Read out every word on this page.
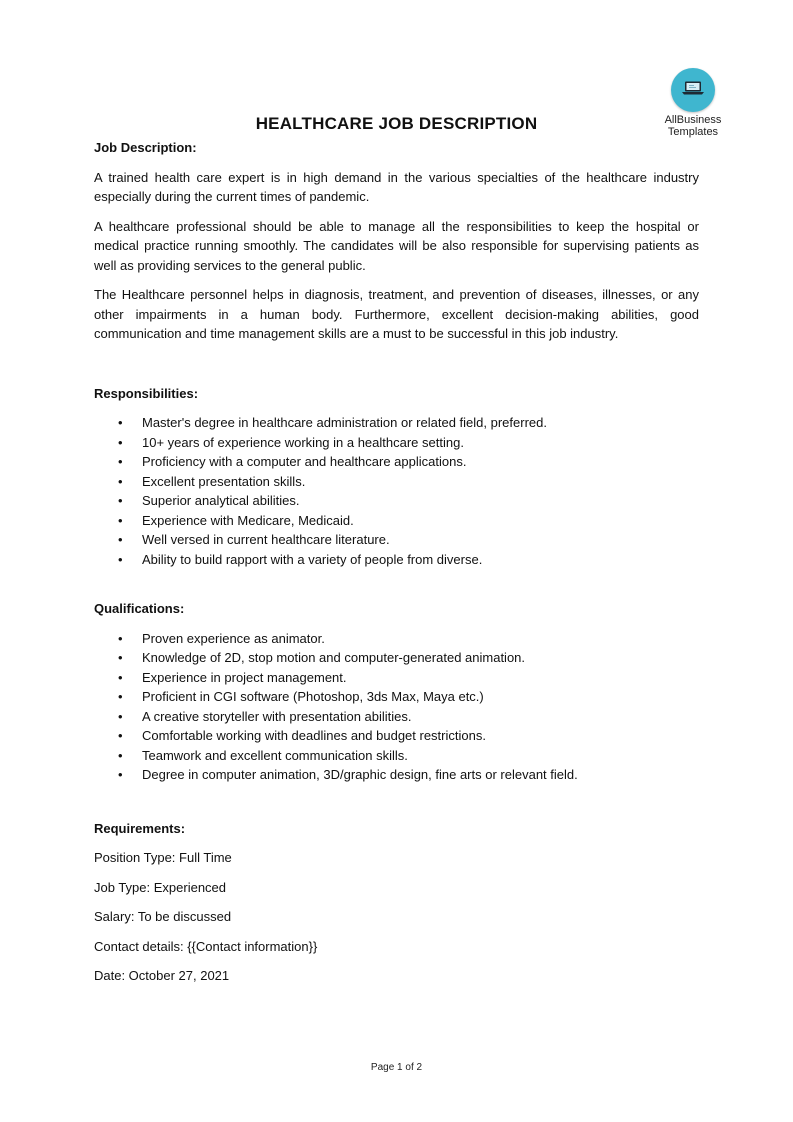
AllBusiness
Templates
HEALTHCARE JOB DESCRIPTION

Job Description:

A trained health care expert is in high demand in the various specialties of the healthcare industry especially during the current times of pandemic.

A healthcare professional should be able to manage all the responsibilities to keep the hospital or medical practice running smoothly. The candidates will be also responsible for supervising patients as well as providing services to the general public.

The Healthcare personnel helps in diagnosis, treatment, and prevention of diseases, illnesses, or any other impairments in a human body. Furthermore, excellent decision-making abilities, good communication and time management skills are a must to be successful in this job industry.

Responsibilities:

• Master's degree in healthcare administration or related field, preferred.
• 10+ years of experience working in a healthcare setting.
• Proficiency with a computer and healthcare applications.
• Excellent presentation skills.
• Superior analytical abilities.
• Experience with Medicare, Medicaid.
• Well versed in current healthcare literature.
• Ability to build rapport with a variety of people from diverse.

Qualifications:

• Proven experience as animator.
• Knowledge of 2D, stop motion and computer-generated animation.
• Experience in project management.
• Proficient in CGI software (Photoshop, 3ds Max, Maya etc.)
• A creative storyteller with presentation abilities.
• Comfortable working with deadlines and budget restrictions.
• Teamwork and excellent communication skills.
• Degree in computer animation, 3D/graphic design, fine arts or relevant field.

Requirements:

Position Type: Full Time

Job Type: Experienced

Salary: To be discussed

Contact details: {{Contact information}}

Date: October 27, 2021

Page 1 of 2
